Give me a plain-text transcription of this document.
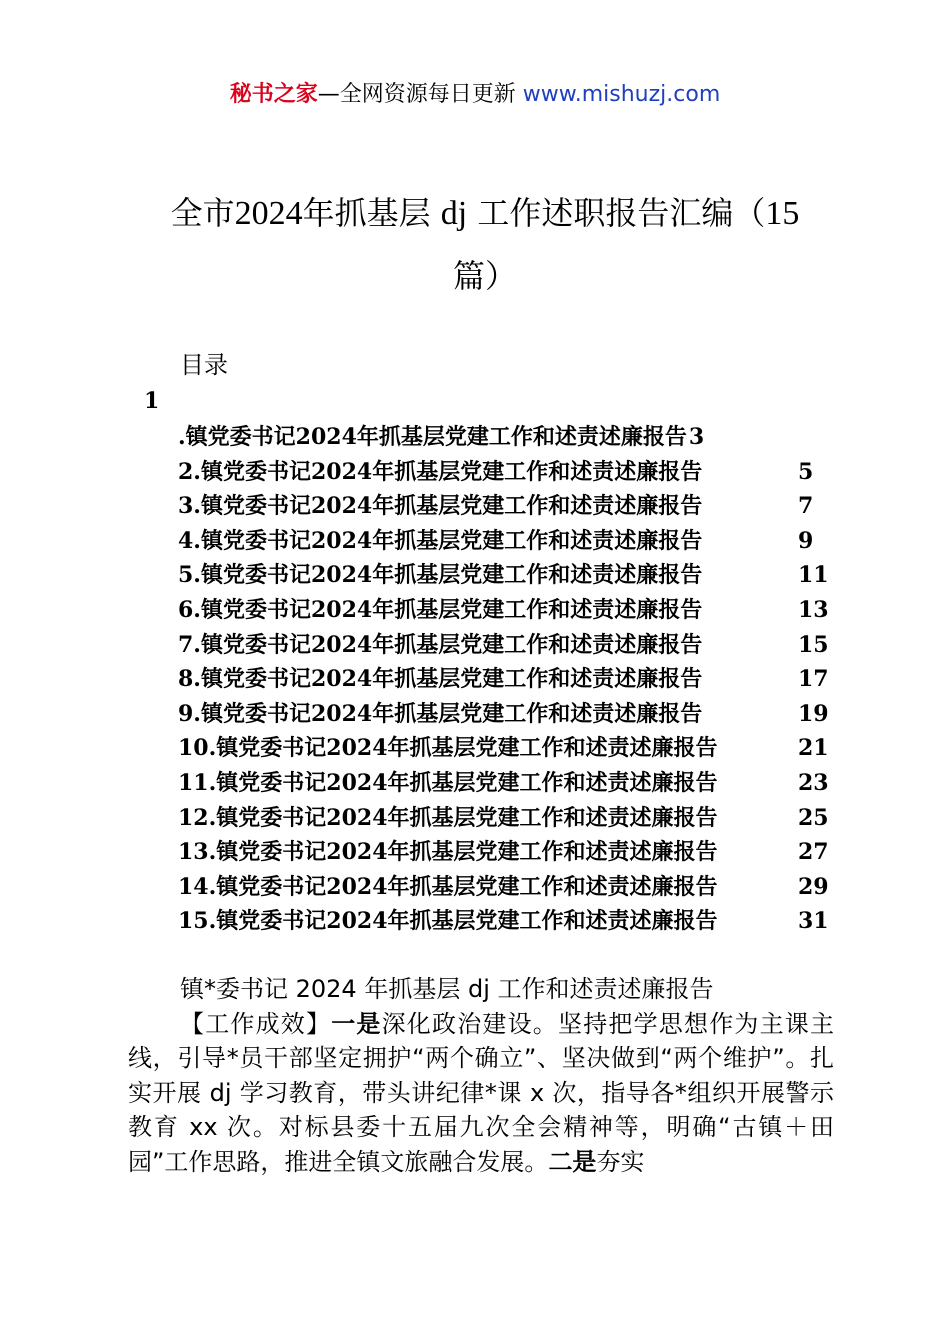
秘书之家—全网资源每日更新 www.mishuzj.com
全市2024年抓基层 dj 工作述职报告汇编（15
篇）
目录
1
.镇党委书记2024年抓基层党建工作和述责述廉报告3
2.镇党委书记2024年抓基层党建工作和述责述廉报告	5
3.镇党委书记2024年抓基层党建工作和述责述廉报告	7
4.镇党委书记2024年抓基层党建工作和述责述廉报告	9
5.镇党委书记2024年抓基层党建工作和述责述廉报告	11
6.镇党委书记2024年抓基层党建工作和述责述廉报告	13
7.镇党委书记2024年抓基层党建工作和述责述廉报告	15
8.镇党委书记2024年抓基层党建工作和述责述廉报告	17
9.镇党委书记2024年抓基层党建工作和述责述廉报告	19
10.镇党委书记2024年抓基层党建工作和述责述廉报告	21
11.镇党委书记2024年抓基层党建工作和述责述廉报告	23
12.镇党委书记2024年抓基层党建工作和述责述廉报告	25
13.镇党委书记2024年抓基层党建工作和述责述廉报告	27
14.镇党委书记2024年抓基层党建工作和述责述廉报告	29
15.镇党委书记2024年抓基层党建工作和述责述廉报告	31

镇*委书记 2024 年抓基层 dj 工作和述责述廉报告

【工作成效】一是深化政治建设。坚持把学思想作为主课主线，引导*员干部坚定拥护“两个确立”、坚决做到“两个维护”。扎实开展 dj 学习教育，带头讲纪律*课 x 次，指导各*组织开展警示教育 xx 次。对标县委十五届九次全会精神等，明确“古镇＋田园”工作思路，推进全镇文旅融合发展。二是夯实
